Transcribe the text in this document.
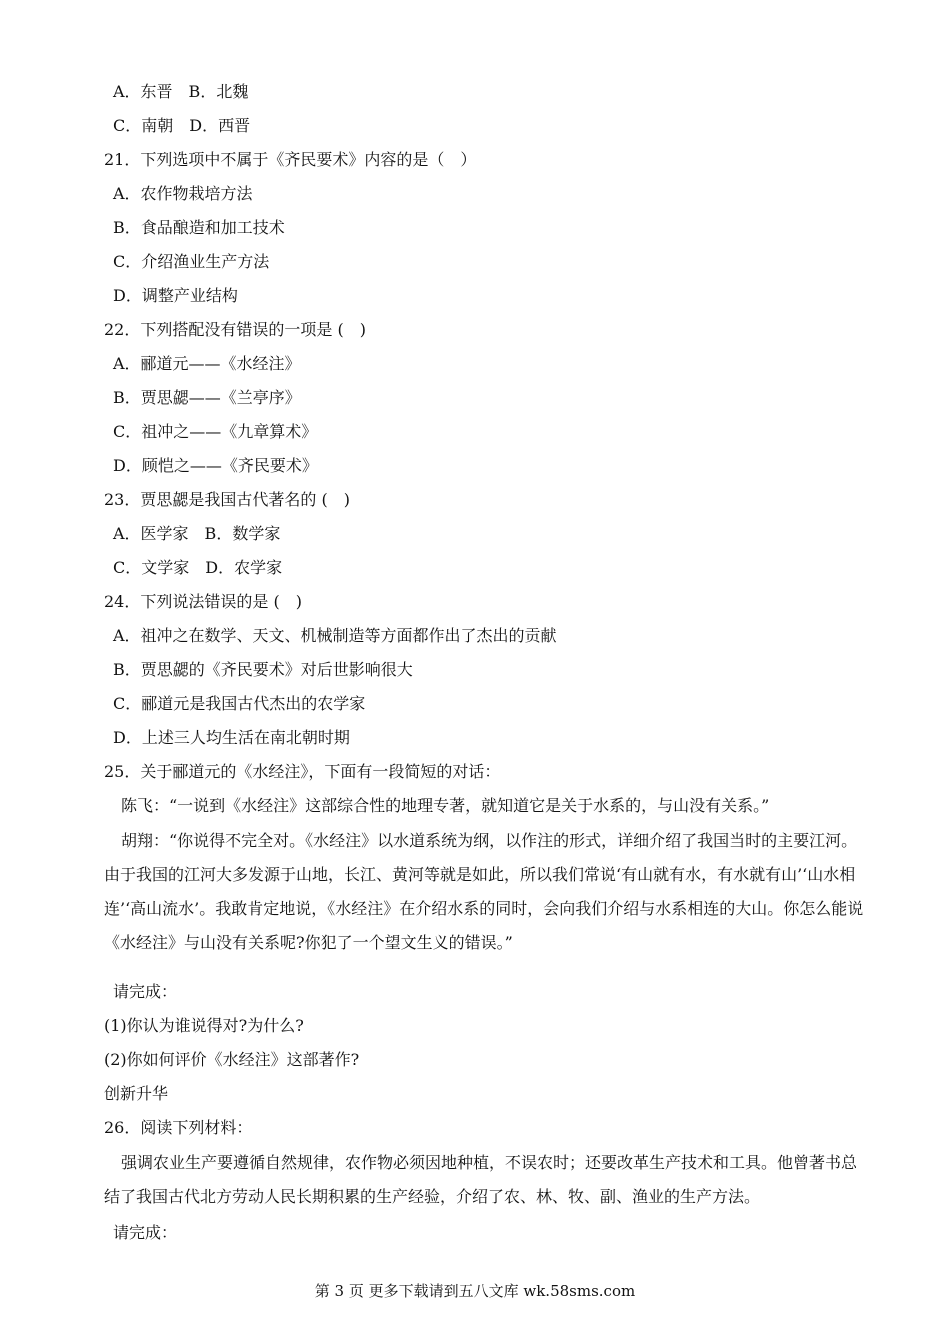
A．东晋　B．北魏
C．南朝　D．西晋
21．下列选项中不属于《齐民要术》内容的是（　）
A．农作物栽培方法
B．食品酿造和加工技术
C．介绍渔业生产方法
D．调整产业结构
22．下列搭配没有错误的一项是 (　)
A．郦道元——《水经注》
B．贾思勰——《兰亭序》
C．祖冲之——《九章算术》
D．顾恺之——《齐民要术》
23．贾思勰是我国古代著名的 (　)
A．医学家　B．数学家
C．文学家　D．农学家
24．下列说法错误的是 (　)
A．祖冲之在数学、天文、机械制造等方面都作出了杰出的贡献
B．贾思勰的《齐民要术》对后世影响很大
C．郦道元是我国古代杰出的农学家
D．上述三人均生活在南北朝时期
25．关于郦道元的《水经注》，下面有一段简短的对话：
陈飞：“一说到《水经注》这部综合性的地理专著，就知道它是关于水系的，与山没有关系。”
胡翔：“你说得不完全对。《水经注》以水道系统为纲，以作注的形式，详细介绍了我国当时的主要江河。由于我国的江河大多发源于山地，长江、黄河等就是如此，所以我们常说‘有山就有水，有水就有山’‘山水相连’‘高山流水’。我敢肯定地说，《水经注》在介绍水系的同时，会向我们介绍与水系相连的大山。你怎么能说《水经注》与山没有关系呢?你犯了一个望文生义的错误。”
请完成：
(1)你认为谁说得对?为什么?
(2)你如何评价《水经注》这部著作?
创新升华
26．阅读下列材料：
强调农业生产要遵循自然规律，农作物必须因地种植，不误农时；还要改革生产技术和工具。他曾著书总结了我国古代北方劳动人民长期积累的生产经验，介绍了农、林、牧、副、渔业的生产方法。
请完成：
第 3 页 更多下载请到五八文库 wk.58sms.com
